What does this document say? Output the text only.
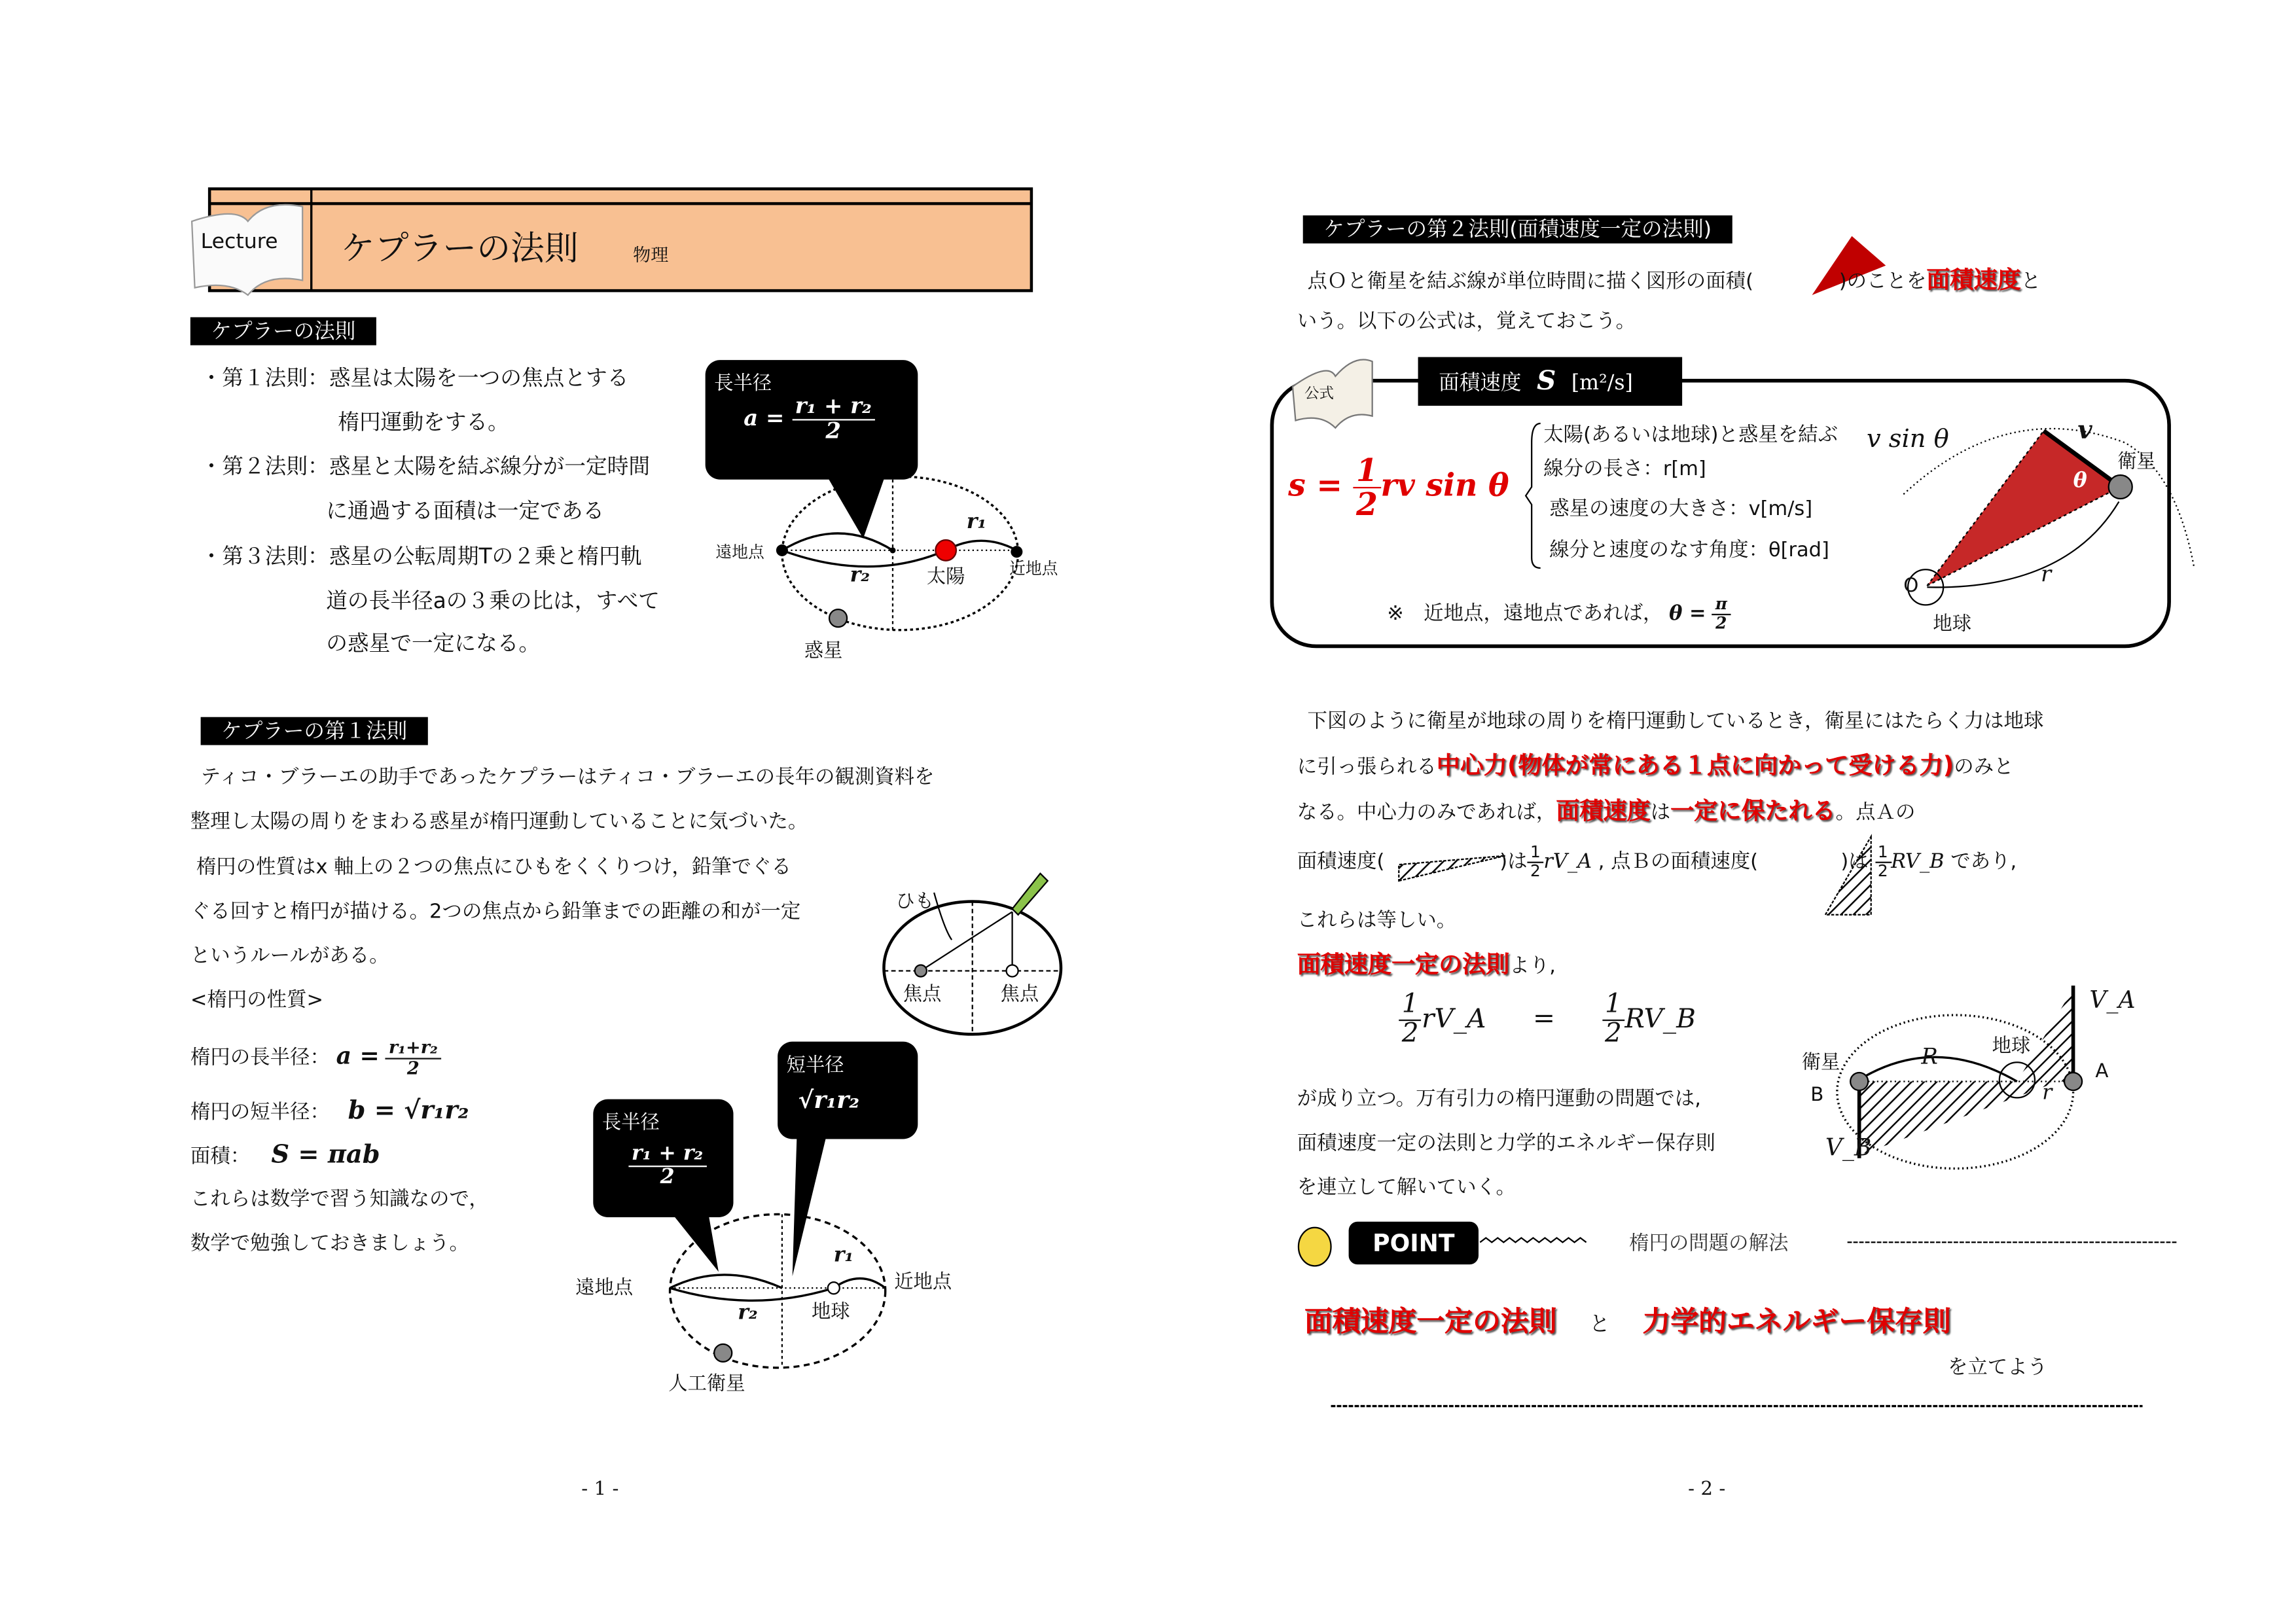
Lecture	ケプラーの法則	物理
ケプラーの法則
・第１法則：惑星は太陽を一つの焦点とする
楕円運動をする。
・第２法則：惑星と太陽を結ぶ線分が一定時間
に通過する面積は一定である
・第３法則：惑星の公転周期Tの２乗と楕円軌
道の長半径aの３乗の比は，すべて
の惑星で一定になる。
長半径
$a = \frac{\text{r₁ + r₂}}{2}$
遠地点
近地点
太陽
惑星
r₁
r₂
ケプラーの第１法則
ティコ・ブラーエの助手であったケプラーはティコ・ブラーエの長年の観測資料を
整理し太陽の周りをまわる惑星が楕円運動していることに気づいた。
楕円の性質はx 軸上の２つの焦点にひもをくくりつけ，鉛筆でぐる
ぐる回すと楕円が描ける。2つの焦点から鉛筆までの距離の和が一定
というルールがある。
<楕円の性質>
楕円の長半径： $a = \frac{\text{r₁+r₂}}{2}$
楕円の短半径： b = √r₁r₂
面積： S = πab
これらは数学で習う知識なので，
数学で勉強しておきましょう。
ひも
焦点	焦点
長半径
$\frac{\text{r₁ + r₂}}{2}$
短半径
√r₁r₂
遠地点	近地点
地球
人工衛星
r₁
r₂
- 1 -
ケプラーの第２法則(面積速度一定の法則)
点Ｏと衛星を結ぶ線が単位時間に描く図形の面積(	)のことを面積速度と
いう。以下の公式は，覚えておこう。
公式	面積速度 S [m²/s]
$s = \frac{1}{2}$ rv sin θ
太陽(あるいは地球)と惑星を結ぶ
線分の長さ：r[m]
惑星の速度の大きさ：v[m/s]
線分と速度のなす角度：θ[rad]
※　近地点，遠地点であれば， $\theta = \frac{\pi}{2}$
v sin θ	v
θ
衛星
O
地球
r
下図のように衛星が地球の周りを楕円運動しているとき，衛星にはたらく力は地球
に引っ張られる中心力(物体が常にある１点に向かって受ける力)のみと
なる。中心力のみであれば，面積速度は一定に保たれる。点Ａの
面積速度(	)は $\frac{1}{2}$ rV_A , 点Ｂの面積速度(	)は $\frac{1}{2}$ RV_B であり,
これらは等しい。
面積速度一定の法則より,
$\frac{1}{2}$ rV_A	=	$\frac{1}{2}$ RV_B
が成り立つ。万有引力の楕円運動の問題では,
面積速度一定の法則と力学的エネルギー保存則
を連立して解いていく。
衛星
B
A
地球
R
r
V_A
V_B
POINT	楕円の問題の解法
面積速度一定の法則	と	力学的エネルギー保存則
を立てよう
- 2 -
